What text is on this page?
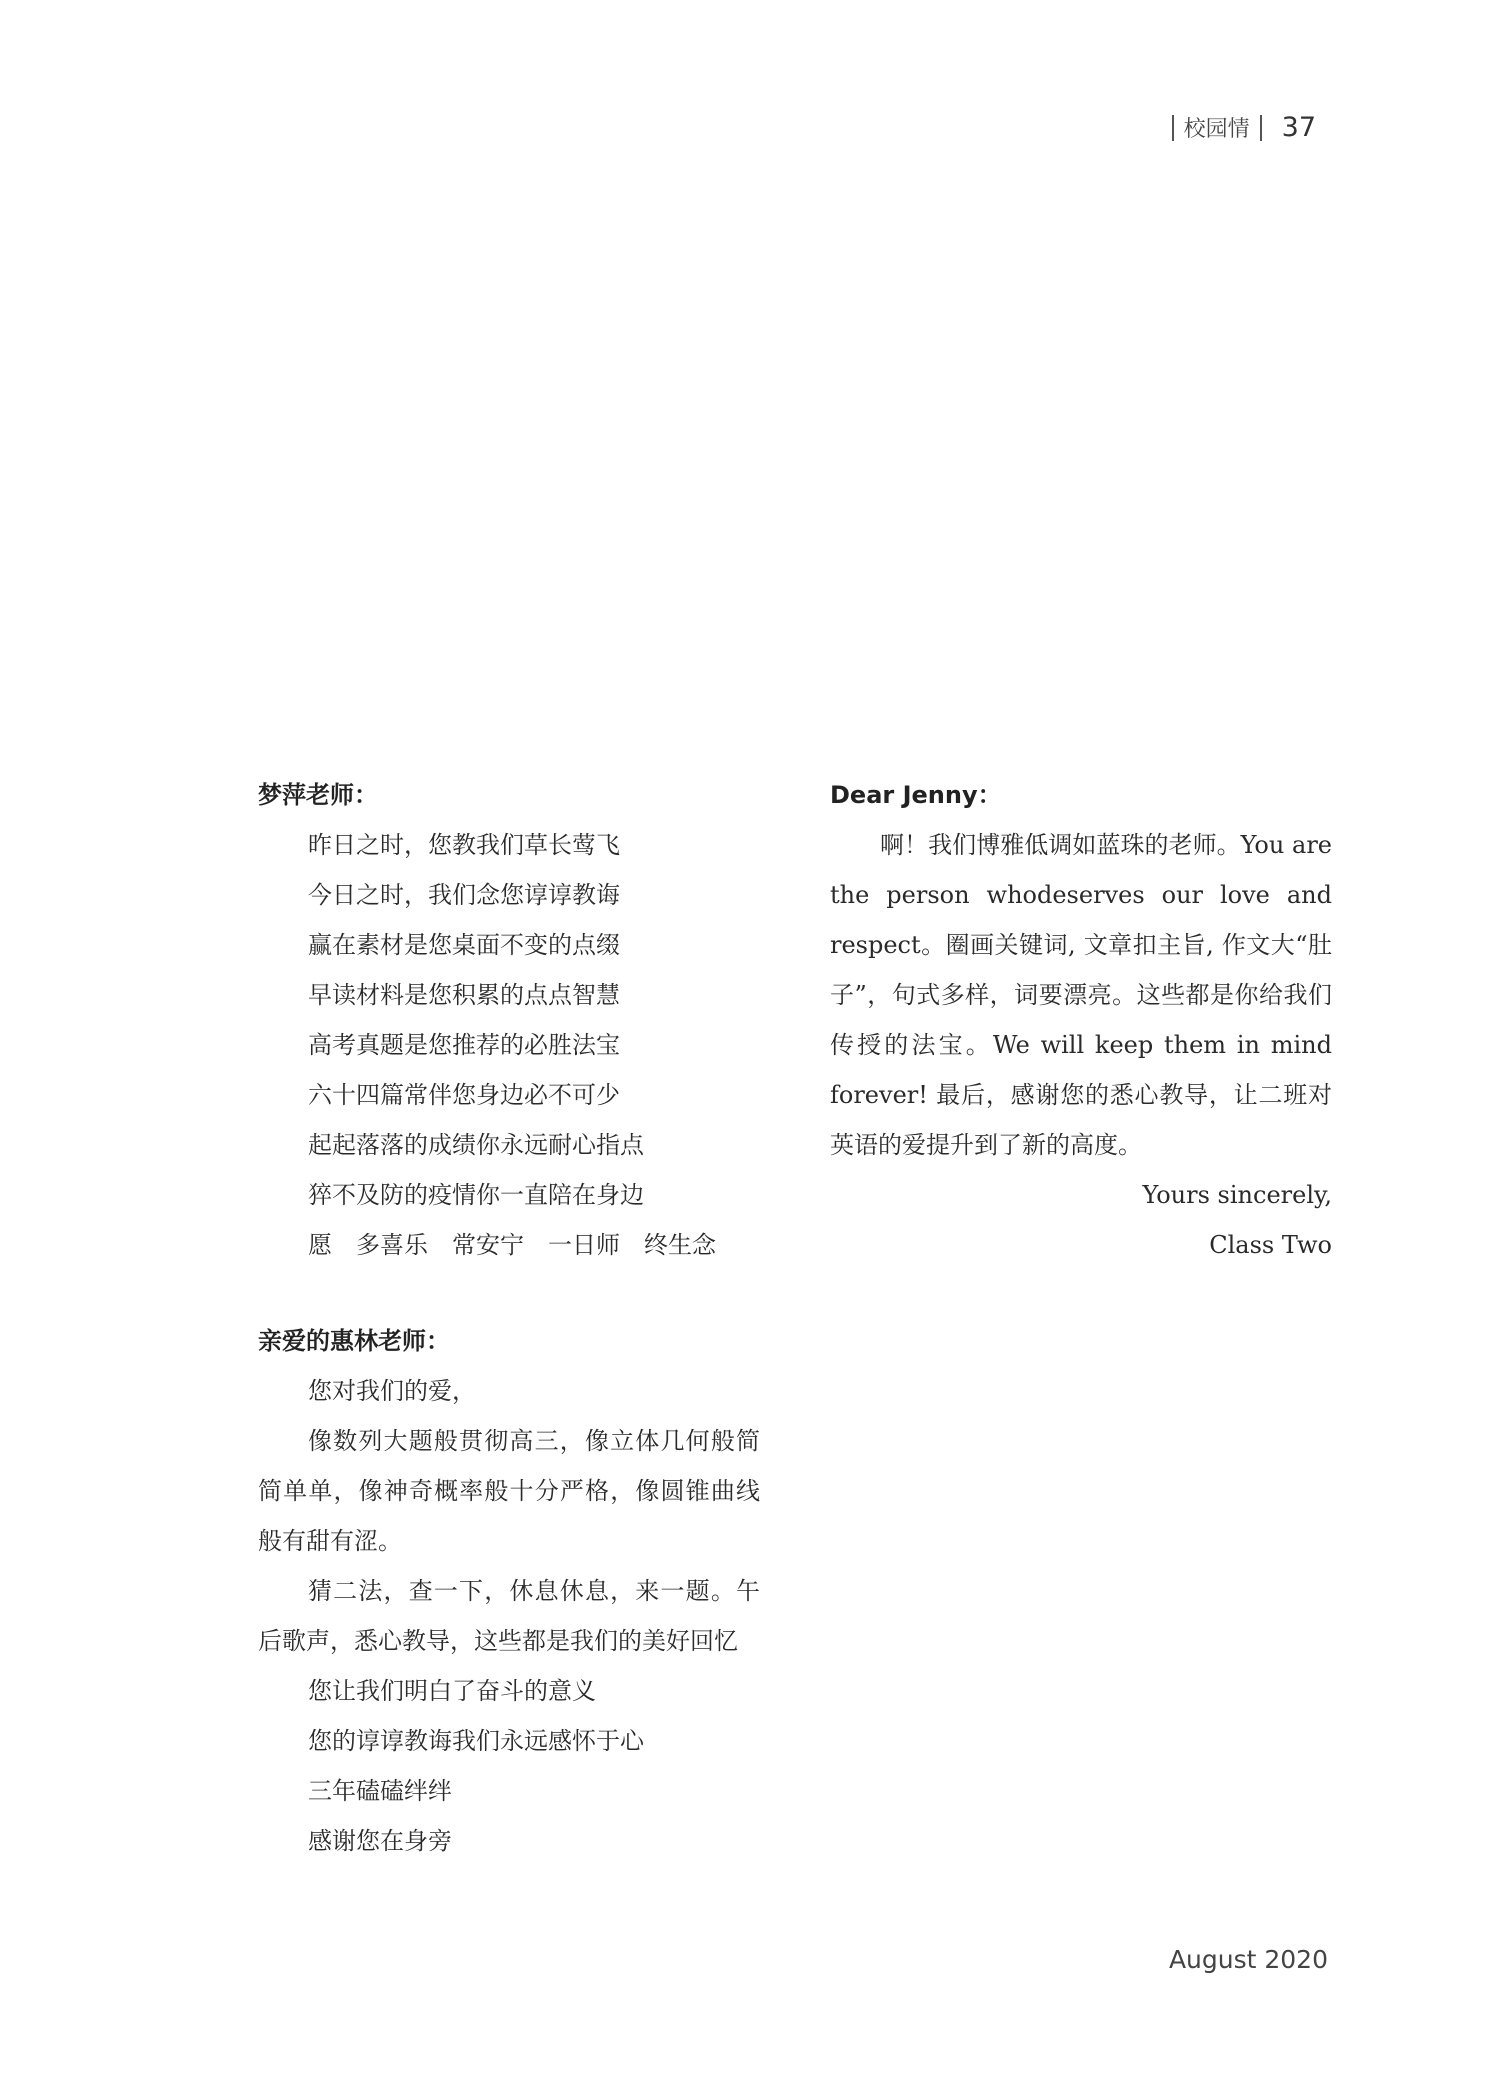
校园情 37
梦萍老师：
昨日之时，您教我们草长莺飞
今日之时，我们念您谆谆教诲
赢在素材是您桌面不变的点缀
早读材料是您积累的点点智慧
高考真题是您推荐的必胜法宝
六十四篇常伴您身边必不可少
起起落落的成绩你永远耐心指点
猝不及防的疫情你一直陪在身边
愿　多喜乐　常安宁　一日师　终生念
亲爱的惠林老师：
您对我们的爱，

像数列大题般贯彻高三，像立体几何般简简单单，像神奇概率般十分严格，像圆锥曲线般有甜有涩。

猜二法，查一下，休息休息，来一题。午后歌声，悉心教导，这些都是我们的美好回忆

您让我们明白了奋斗的意义
您的谆谆教诲我们永远感怀于心
三年磕磕绊绊
感谢您在身旁
Dear Jenny：

啊！我们博雅低调如蓝珠的老师。You are the person whodeserves our love and respect。圈画关键词, 文章扣主旨, 作文大“肚子”，句式多样，词要漂亮。这些都是你给我们传授的法宝。We will keep them in mind forever! 最后，感谢您的悉心教导，让二班对英语的爱提升到了新的高度。

Yours sincerely,
Class Two
August 2020
